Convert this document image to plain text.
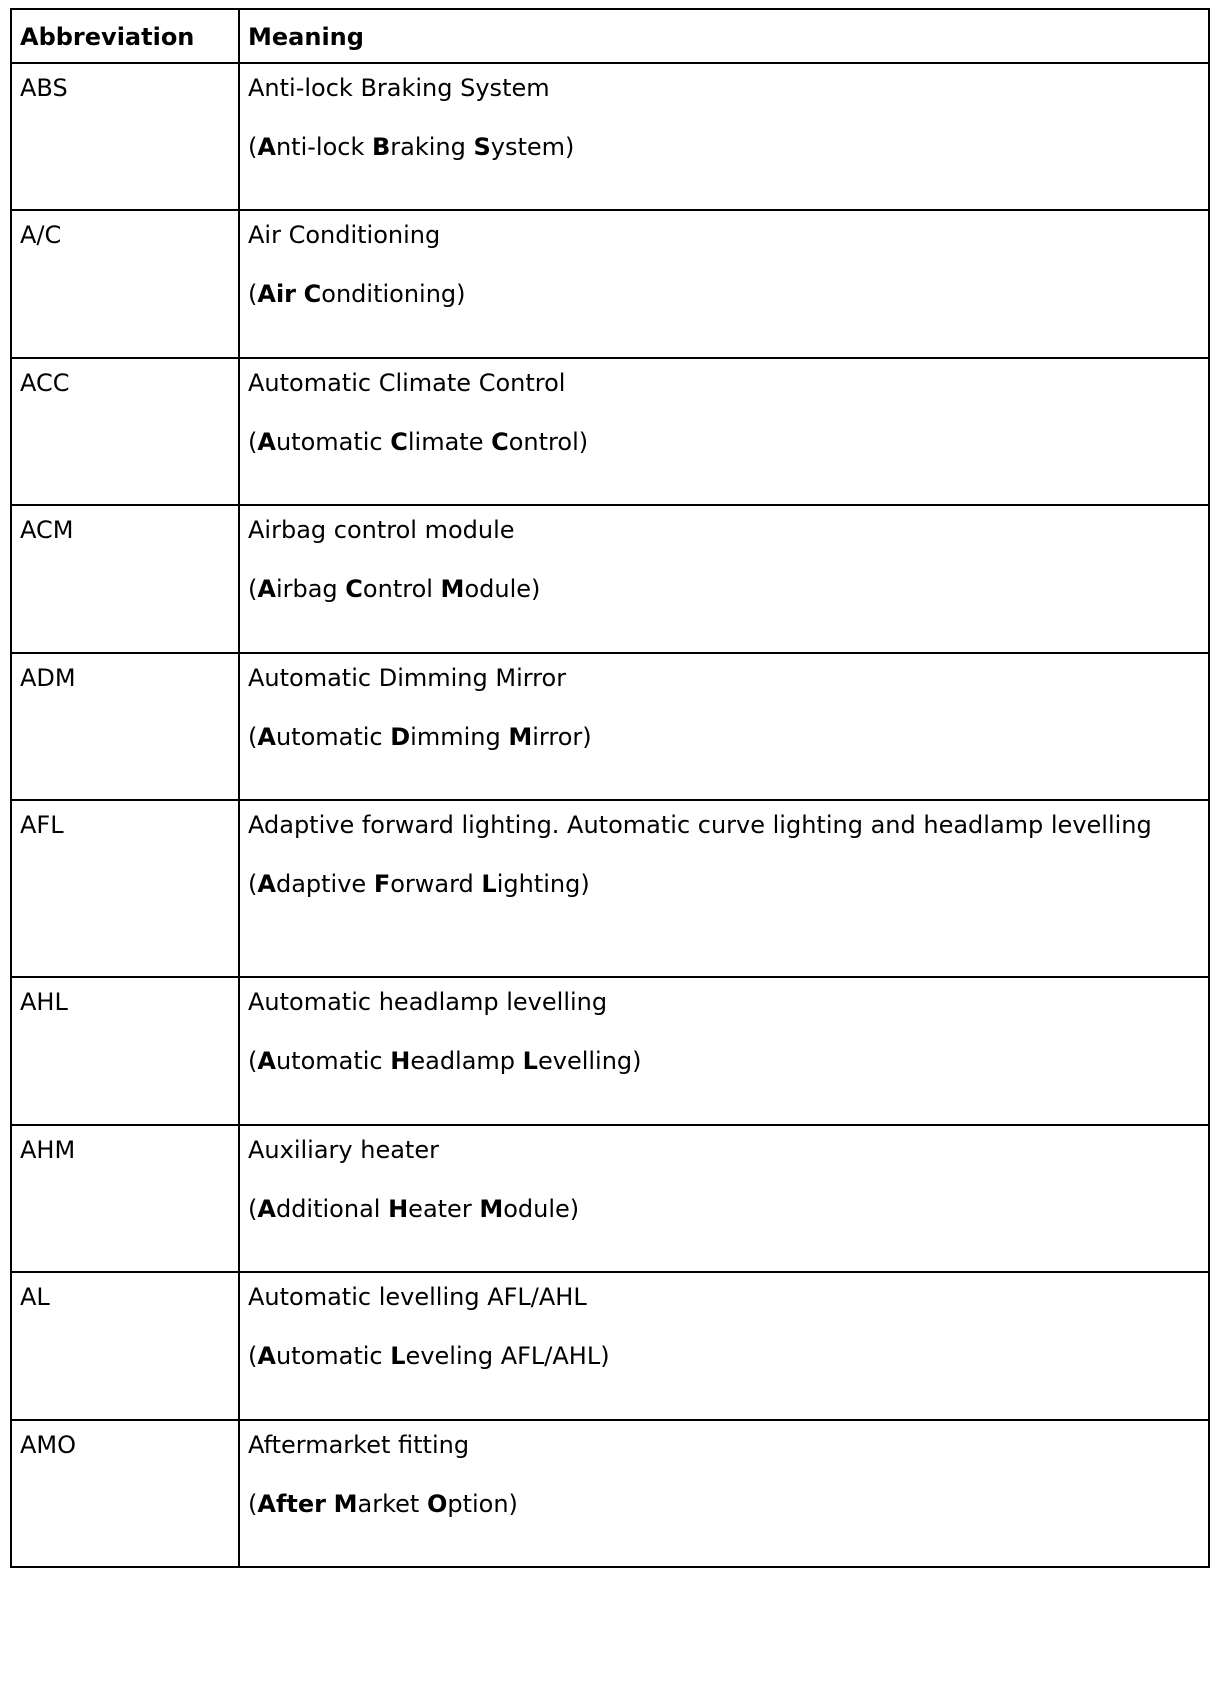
Abbreviation	Meaning
ABS	Anti-lock Braking System

(Anti-lock Braking System)

A/C	Air Conditioning

(Air Conditioning)

ACC	Automatic Climate Control

(Automatic Climate Control)

ACM	Airbag control module

(Airbag Control Module)

ADM	Automatic Dimming Mirror

(Automatic Dimming Mirror)

AFL	Adaptive forward lighting. Automatic curve lighting and headlamp levelling

(Adaptive Forward Lighting)

AHL	Automatic headlamp levelling

(Automatic Headlamp Levelling)

AHM	Auxiliary heater

(Additional Heater Module)

AL	Automatic levelling AFL/AHL

(Automatic Leveling AFL/AHL)

AMO	Aftermarket fitting

(After Market Option)
